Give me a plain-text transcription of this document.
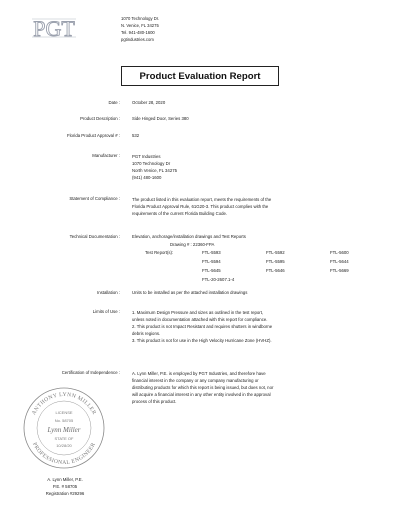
PGT	1070 Technology Dr.
N. Venice, FL 34275
Tel. 941-480-1600
pgtindustries.com
Product Evaluation Report
Date :	October 28, 2020
Product Description :	Side Hinged Door, Series 380
Florida Product Approval # :	532
Manufacturer :	PGT Industries
1070 Technology Dr
North Venice, FL 34275
(941) 480-1600
Statement of Compliance :	The product listed in this evaluation report, meets the requirements of the
Florida Product Approval Rule, 61G20-3. This product complies with the
requirements of the current Florida Building Code.
Technical Documentation :	Elevation, anchorage/installation drawings and Test Reports
Drawing # : 22360-FPA
Test Report(s):	FTL-5593	FTL-5592	FTL-5600
FTL-5594	FTL-5595	FTL-5644
FTL-5645	FTL-5646	FTL-5669
FTL-20-2607.1-4
Installation :	Units to be installed as per the attached installation drawings
Limits of Use :	1. Maximum Design Pressure and sizes as outlined in the test report,
unless noted in documentation attached with this report for compliance.
2. This product is not Impact Resistant and requires shutters in windborne
debris regions.
3. This product is not for use in the High Velocity Hurricane Zone (HVHZ).
Certification of Independence :	A. Lynn Miller, P.E. is employed by PGT Industries, and therefore have
financial interest in the company or any company manufacturing or
distributing products for which this report is being issued, but does not, nor
will acquire a financial interest in any other entity involved in the approval
process of this product.
ANTHONY LYNN MILLER
PROFESSIONAL ENGINEER
LICENSE
No. 58705
Lynn Miller
STATE OF
10/28/20
A. Lynn Miller, P.E.
P.E. # 58705
Registration #29296
